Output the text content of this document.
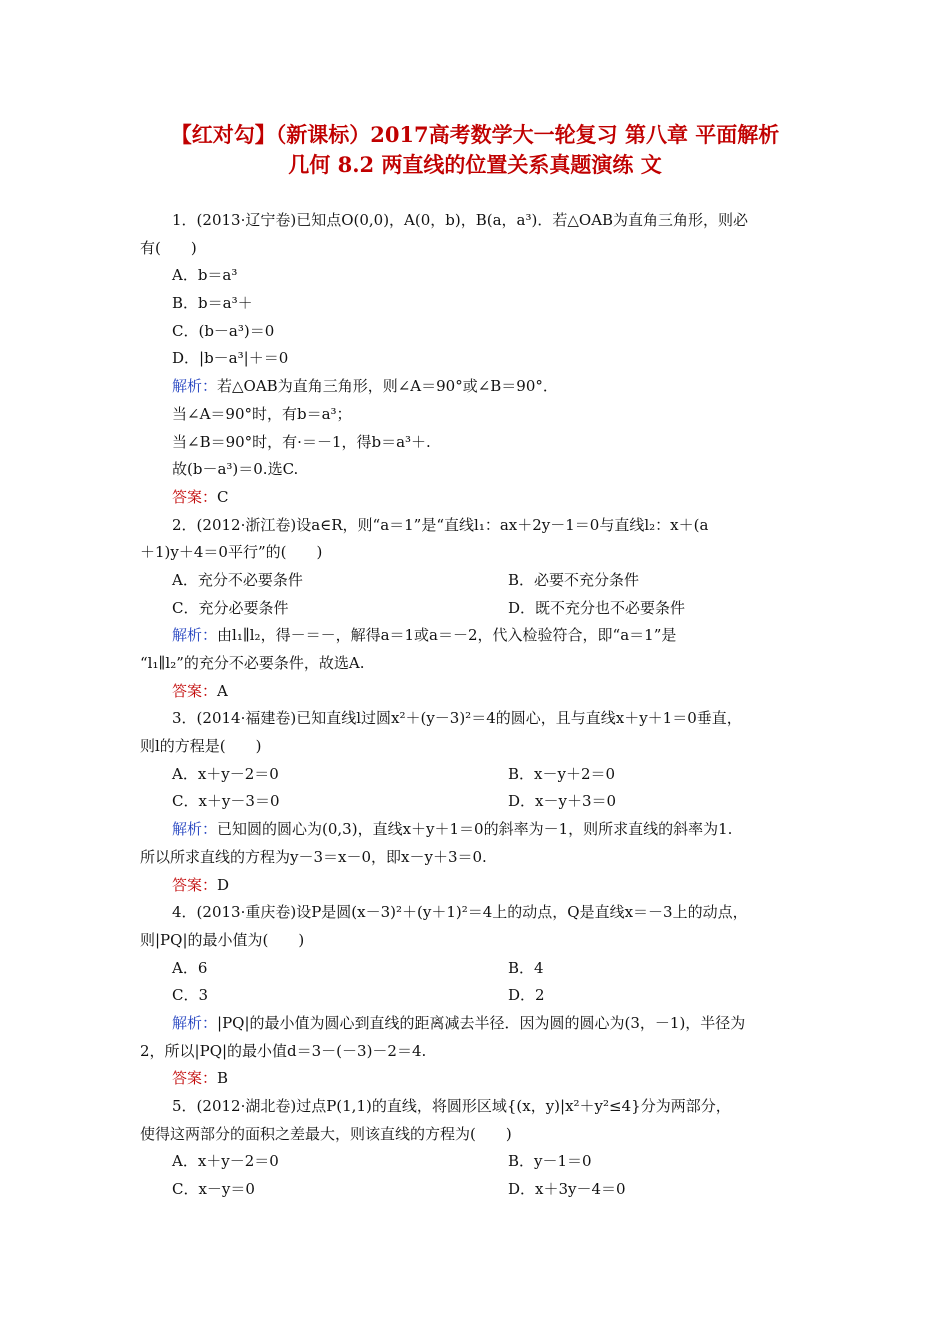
【红对勾】（新课标）2017高考数学大一轮复习 第八章 平面解析
几何 8.2 两直线的位置关系真题演练 文
1．(2013·辽宁卷)已知点O(0,0)，A(0，b)，B(a，a³)．若△OAB为直角三角形，则必
有(　　)
A．b＝a³
B．b＝a³＋
C．(b－a³)＝0
D．|b－a³|＋＝0
解析：若△OAB为直角三角形，则∠A＝90°或∠B＝90°．
当∠A＝90°时，有b＝a³；
当∠B＝90°时，有·＝－1，得b＝a³＋.
故(b－a³)＝0.选C.
答案：C
2．(2012·浙江卷)设a∈R，则“a＝1”是“直线l₁：ax＋2y－1＝0与直线l₂：x＋(a
＋1)y＋4＝0平行”的(　　)
A．充分不必要条件	B．必要不充分条件
C．充分必要条件	D．既不充分也不必要条件
解析：由l₁∥l₂，得－＝－，解得a＝1或a＝－2，代入检验符合，即“a＝1”是
“l₁∥l₂”的充分不必要条件，故选A.
答案：A
3．(2014·福建卷)已知直线l过圆x²＋(y－3)²＝4的圆心，且与直线x＋y＋1＝0垂直，
则l的方程是(　　)
A．x＋y－2＝0	B．x－y＋2＝0
C．x＋y－3＝0	D．x－y＋3＝0
解析：已知圆的圆心为(0,3)，直线x＋y＋1＝0的斜率为－1，则所求直线的斜率为1.
所以所求直线的方程为y－3＝x－0，即x－y＋3＝0.
答案：D
4．(2013·重庆卷)设P是圆(x－3)²＋(y＋1)²＝4上的动点，Q是直线x＝－3上的动点，
则|PQ|的最小值为(　　)
A．6	B．4
C．3	D．2
解析：|PQ|的最小值为圆心到直线的距离减去半径．因为圆的圆心为(3，－1)，半径为
2，所以|PQ|的最小值d＝3－(－3)－2＝4.
答案：B
5．(2012·湖北卷)过点P(1,1)的直线，将圆形区域{(x，y)|x²＋y²≤4}分为两部分，
使得这两部分的面积之差最大，则该直线的方程为(　　)
A．x＋y－2＝0	B．y－1＝0
C．x－y＝0	D．x＋3y－4＝0
